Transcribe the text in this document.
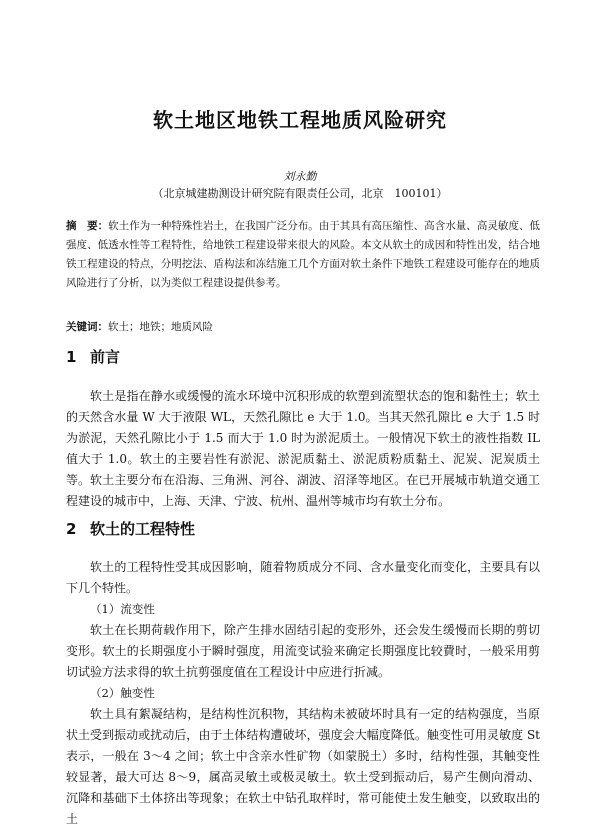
软土地区地铁工程地质风险研究
刘永勤
（北京城建勘测设计研究院有限责任公司，北京　100101）

摘　要：软土作为一种特殊性岩土，在我国广泛分布。由于其具有高压缩性、高含水量、高灵敏度、低强度、低透水性等工程特性，给地铁工程建设带来很大的风险。本文从软土的成因和特性出发，结合地铁工程建设的特点，分明挖法、盾构法和冻结施工几个方面对软土条件下地铁工程建设可能存在的地质风险进行了分析，以为类似工程建设提供参考。

关键词：软土；地铁；地质风险

1 前言

软土是指在静水或缓慢的流水环境中沉积形成的软塑到流塑状态的饱和黏性土；软土的天然含水量 W 大于液限 WL，天然孔隙比 e 大于 1.0。当其天然孔隙比 e 大于 1.5 时为淤泥，天然孔隙比小于 1.5 而大于 1.0 时为淤泥质土。一般情况下软土的液性指数 IL 值大于 1.0。软土的主要岩性有淤泥、淤泥质黏土、淤泥质粉质黏土、泥炭、泥炭质土等。 软土主要分布在沿海、三角洲、河谷、湖波、沼泽等地区。在已开展城市轨道交通工程建设的城市中，上海、天津、宁波、杭州、温州等城市均有软土分布。

2 软土的工程特性

软土的工程特性受其成因影响，随着物质成分不同、含水量变化而变化，主要具有以下几个特性。

（1）流变性

软土在长期荷载作用下，除产生排水固结引起的变形外，还会发生缓慢而长期的剪切变形。软土的长期强度小于瞬时强度，用流变试验来确定长期强度比较費时，一般采用剪切试验方法求得的软土抗剪强度值在工程设计中应进行折减。

（2）触变性

软土具有絮凝结构，是结构性沉积物，其结构未被破坏时具有一定的结构强度，当原状土受到振动或扰动后，由于土体结构遭破坏，强度会大幅度降低。触变性可用灵敏度 St 表示，一般在 3～4 之间；软土中含亲水性矿物（如蒙脱土）多时，结构性强，其触变性较显著，最大可达 8～9，属高灵敏土或极灵敏土。软土受到振动后，易产生侧向滑动、沉降和基础下土体挤出等现象；在软土中钻孔取样时，常可能使土发生触变，以致取出的土
